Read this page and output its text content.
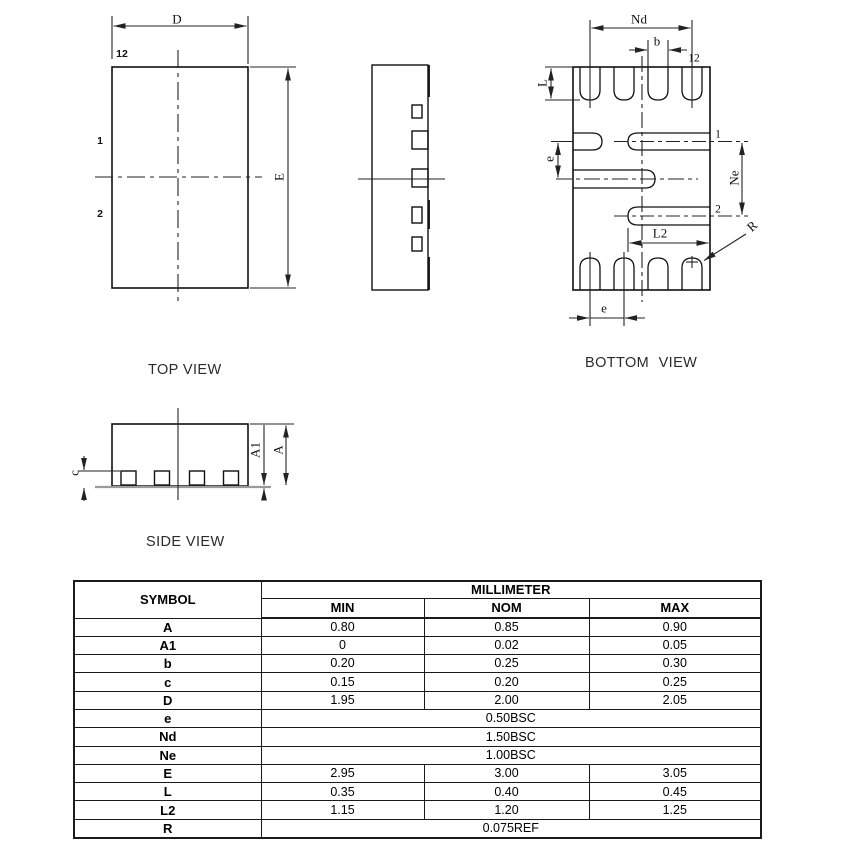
D
E
12
1
2
Nd
b
12
L
e
1
2
Ne
L2	R
e
c
A1 A
TOP VIEW	BOTTOM VIEW
SIDE VIEW
SYMBOL	MILLIMETER		
	MIN	NOM	MAX
A	0.80	0.85	0.90
A1	0	0.02	0.05
b	0.20	0.25	0.30
c	0.15	0.20	0.25
D	1.95	2.00	2.05
e	0.50BSC		
Nd	1.50BSC		
Ne	1.00BSC		
E	2.95	3.00	3.05
L	0.35	0.40	0.45
L2	1.15	1.20	1.25
R	0.075REF		
